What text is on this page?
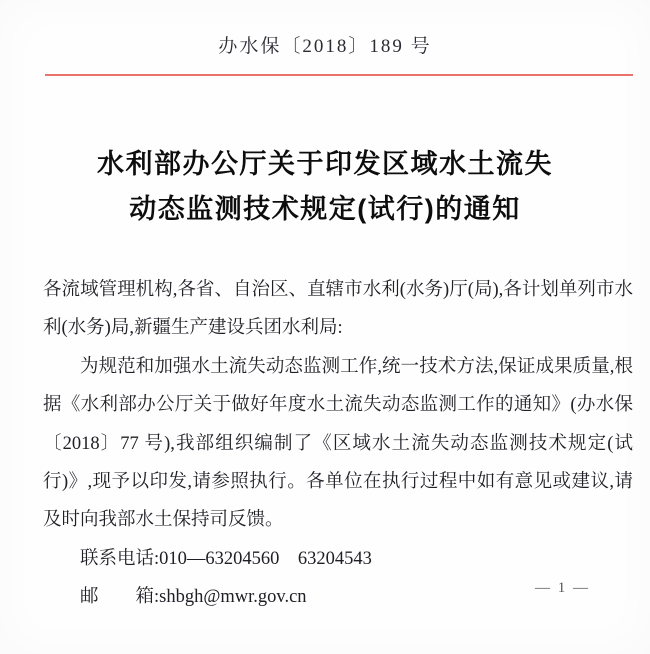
办水保〔2018〕189 号
水利部办公厅关于印发区域水土流失
动态监测技术规定(试行)的通知

各流域管理机构,各省、自治区、直辖市水利(水务)厅(局),各计划单列市水利(水务)局,新疆生产建设兵团水利局:

为规范和加强水土流失动态监测工作,统一技术方法,保证成果质量,根据《水利部办公厅关于做好年度水土流失动态监测工作的通知》(办水保〔2018〕77 号),我部组织编制了《区域水土流失动态监测技术规定(试行)》,现予以印发,请参照执行。各单位在执行过程中如有意见或建议,请及时向我部水土保持司反馈。

联系电话:010—63204560　63204543

邮　　箱:shbgh@mwr.gov.cn	— 1 —
